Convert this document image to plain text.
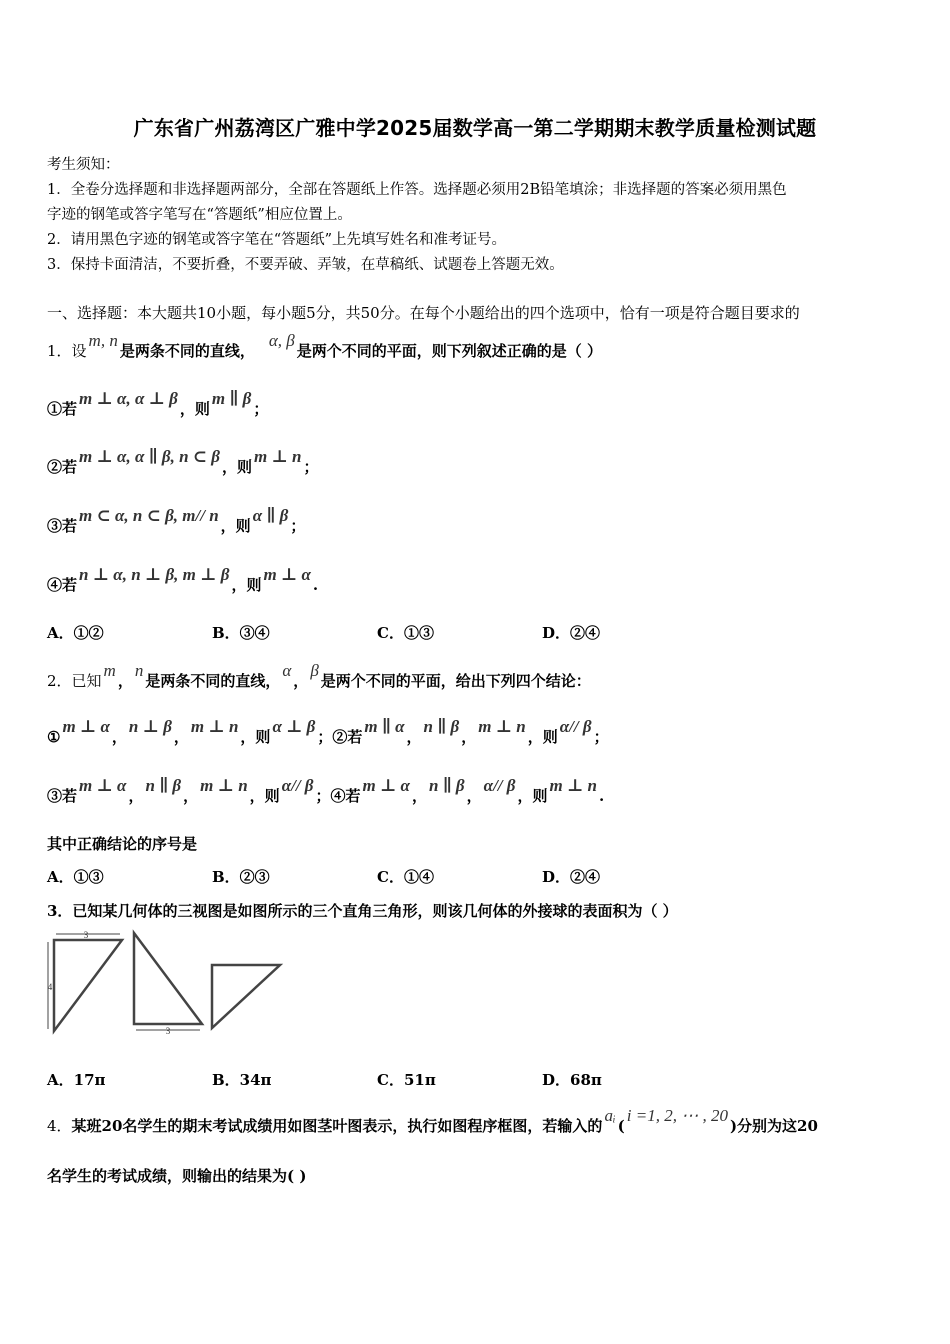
广东省广州荔湾区广雅中学2025届数学高一第二学期期末教学质量检测试题
考生须知：
1．全卷分选择题和非选择题两部分，全部在答题纸上作答。选择题必须用2B铅笔填涂；非选择题的答案必须用黑色
字迹的钢笔或答字笔写在“答题纸”相应位置上。
2．请用黑色字迹的钢笔或答字笔在“答题纸”上先填写姓名和准考证号。
3．保持卡面清洁，不要折叠，不要弄破、弄皱，在草稿纸、试题卷上答题无效。
一、选择题：本大题共10小题，每小题5分，共50分。在每个小题给出的四个选项中，恰有一项是符合题目要求的
1．设m, n是两条不同的直线，α, β是两个不同的平面，则下列叙述正确的是（ ）
①若m ⊥ α, α ⊥ β，则m ∥ β；
②若m ⊥ α, α ∥ β, n ⊂ β，则m ⊥ n；
③若m ⊂ α, n ⊂ β, m// n，则α ∥ β；
④若n ⊥ α, n ⊥ β, m ⊥ β，则m ⊥ α.
A．①②	B．③④	C．①③	D．②④
2．已知m，n是两条不同的直线，α，β是两个不同的平面，给出下列四个结论：
①m ⊥ α，n ⊥ β，m ⊥ n，则α ⊥ β；②若m ∥ α，n ∥ β，m ⊥ n，则α// β；
③若m ⊥ α，n ∥ β，m ⊥ n，则α// β；④若m ⊥ α，n ∥ β，α// β，则m ⊥ n.
其中正确结论的序号是
A．①③	B．②③	C．①④	D．②④
3．已知某几何体的三视图是如图所示的三个直角三角形，则该几何体的外接球的表面积为（ ）
3
4
3
A．17π	B．34π	C．51π	D．68π
4．某班20名学生的期末考试成绩用如图茎叶图表示，执行如图程序框图，若输入的aᵢ(i =1, 2, ⋯ , 20)分别为这20
名学生的考试成绩，则输出的结果为( )
